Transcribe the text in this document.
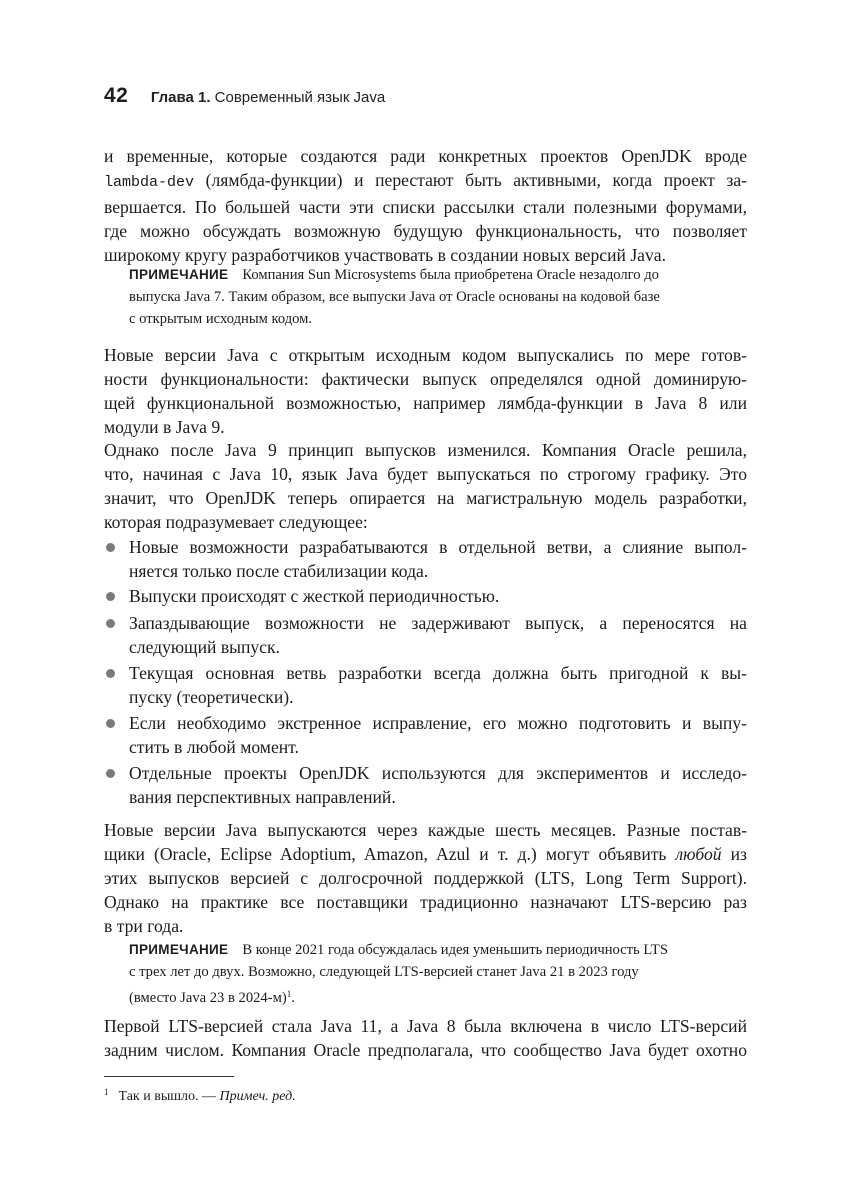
42 Глава 1. Современный язык Java
и временные, которые создаются ради конкретных проектов OpenJDK вроде
lambda-dev (лямбда-функции) и перестают быть активными, когда проект за-
вершается. По большей части эти списки рассылки стали полезными форумами,
где можно обсуждать возможную будущую функциональность, что позволяет
широкому кругу разработчиков участвовать в создании новых версий Java.
ПРИМЕЧАНИЕ Компания Sun Microsystems была приобретена Oracle незадолго до
выпуска Java 7. Таким образом, все выпуски Java от Oracle основаны на кодовой базе
с открытым исходным кодом.
Новые версии Java с открытым исходным кодом выпускались по мере готов-
ности функциональности: фактически выпуск определялся одной доминирую-
щей функциональной возможностью, например лямбда-функции в Java 8 или
модули в Java 9.
Однако после Java 9 принцип выпусков изменился. Компания Oracle решила,
что, начиная с Java 10, язык Java будет выпускаться по строгому графику. Это
значит, что OpenJDK теперь опирается на магистральную модель разработки,
которая подразумевает следующее:
Новые возможности разрабатываются в отдельной ветви, а слияние выпол-
няется только после стабилизации кода.
Выпуски происходят с жесткой периодичностью.
Запаздывающие возможности не задерживают выпуск, а переносятся на
следующий выпуск.
Текущая основная ветвь разработки всегда должна быть пригодной к вы-
пуску (теоретически).
Если необходимо экстренное исправление, его можно подготовить и выпу-
стить в любой момент.
Отдельные проекты OpenJDK используются для экспериментов и исследо-
вания перспективных направлений.
Новые версии Java выпускаются через каждые шесть месяцев. Разные постав-
щики (Oracle, Eclipse Adoptium, Amazon, Azul и т. д.) могут объявить любой из
этих выпусков версией с долгосрочной поддержкой (LTS, Long Term Support).
Однако на практике все поставщики традиционно назначают LTS-версию раз
в три года.
ПРИМЕЧАНИЕ В конце 2021 года обсуждалась идея уменьшить периодичность LTS
с трех лет до двух. Возможно, следующей LTS-версией станет Java 21 в 2023 году
(вместо Java 23 в 2024-м)$^1$.
Первой LTS-версией стала Java 11, а Java 8 была включена в число LTS-версий
задним числом. Компания Oracle предполагала, что сообщество Java будет охотно
$^1$ Так и вышло. — Примеч. ред.
